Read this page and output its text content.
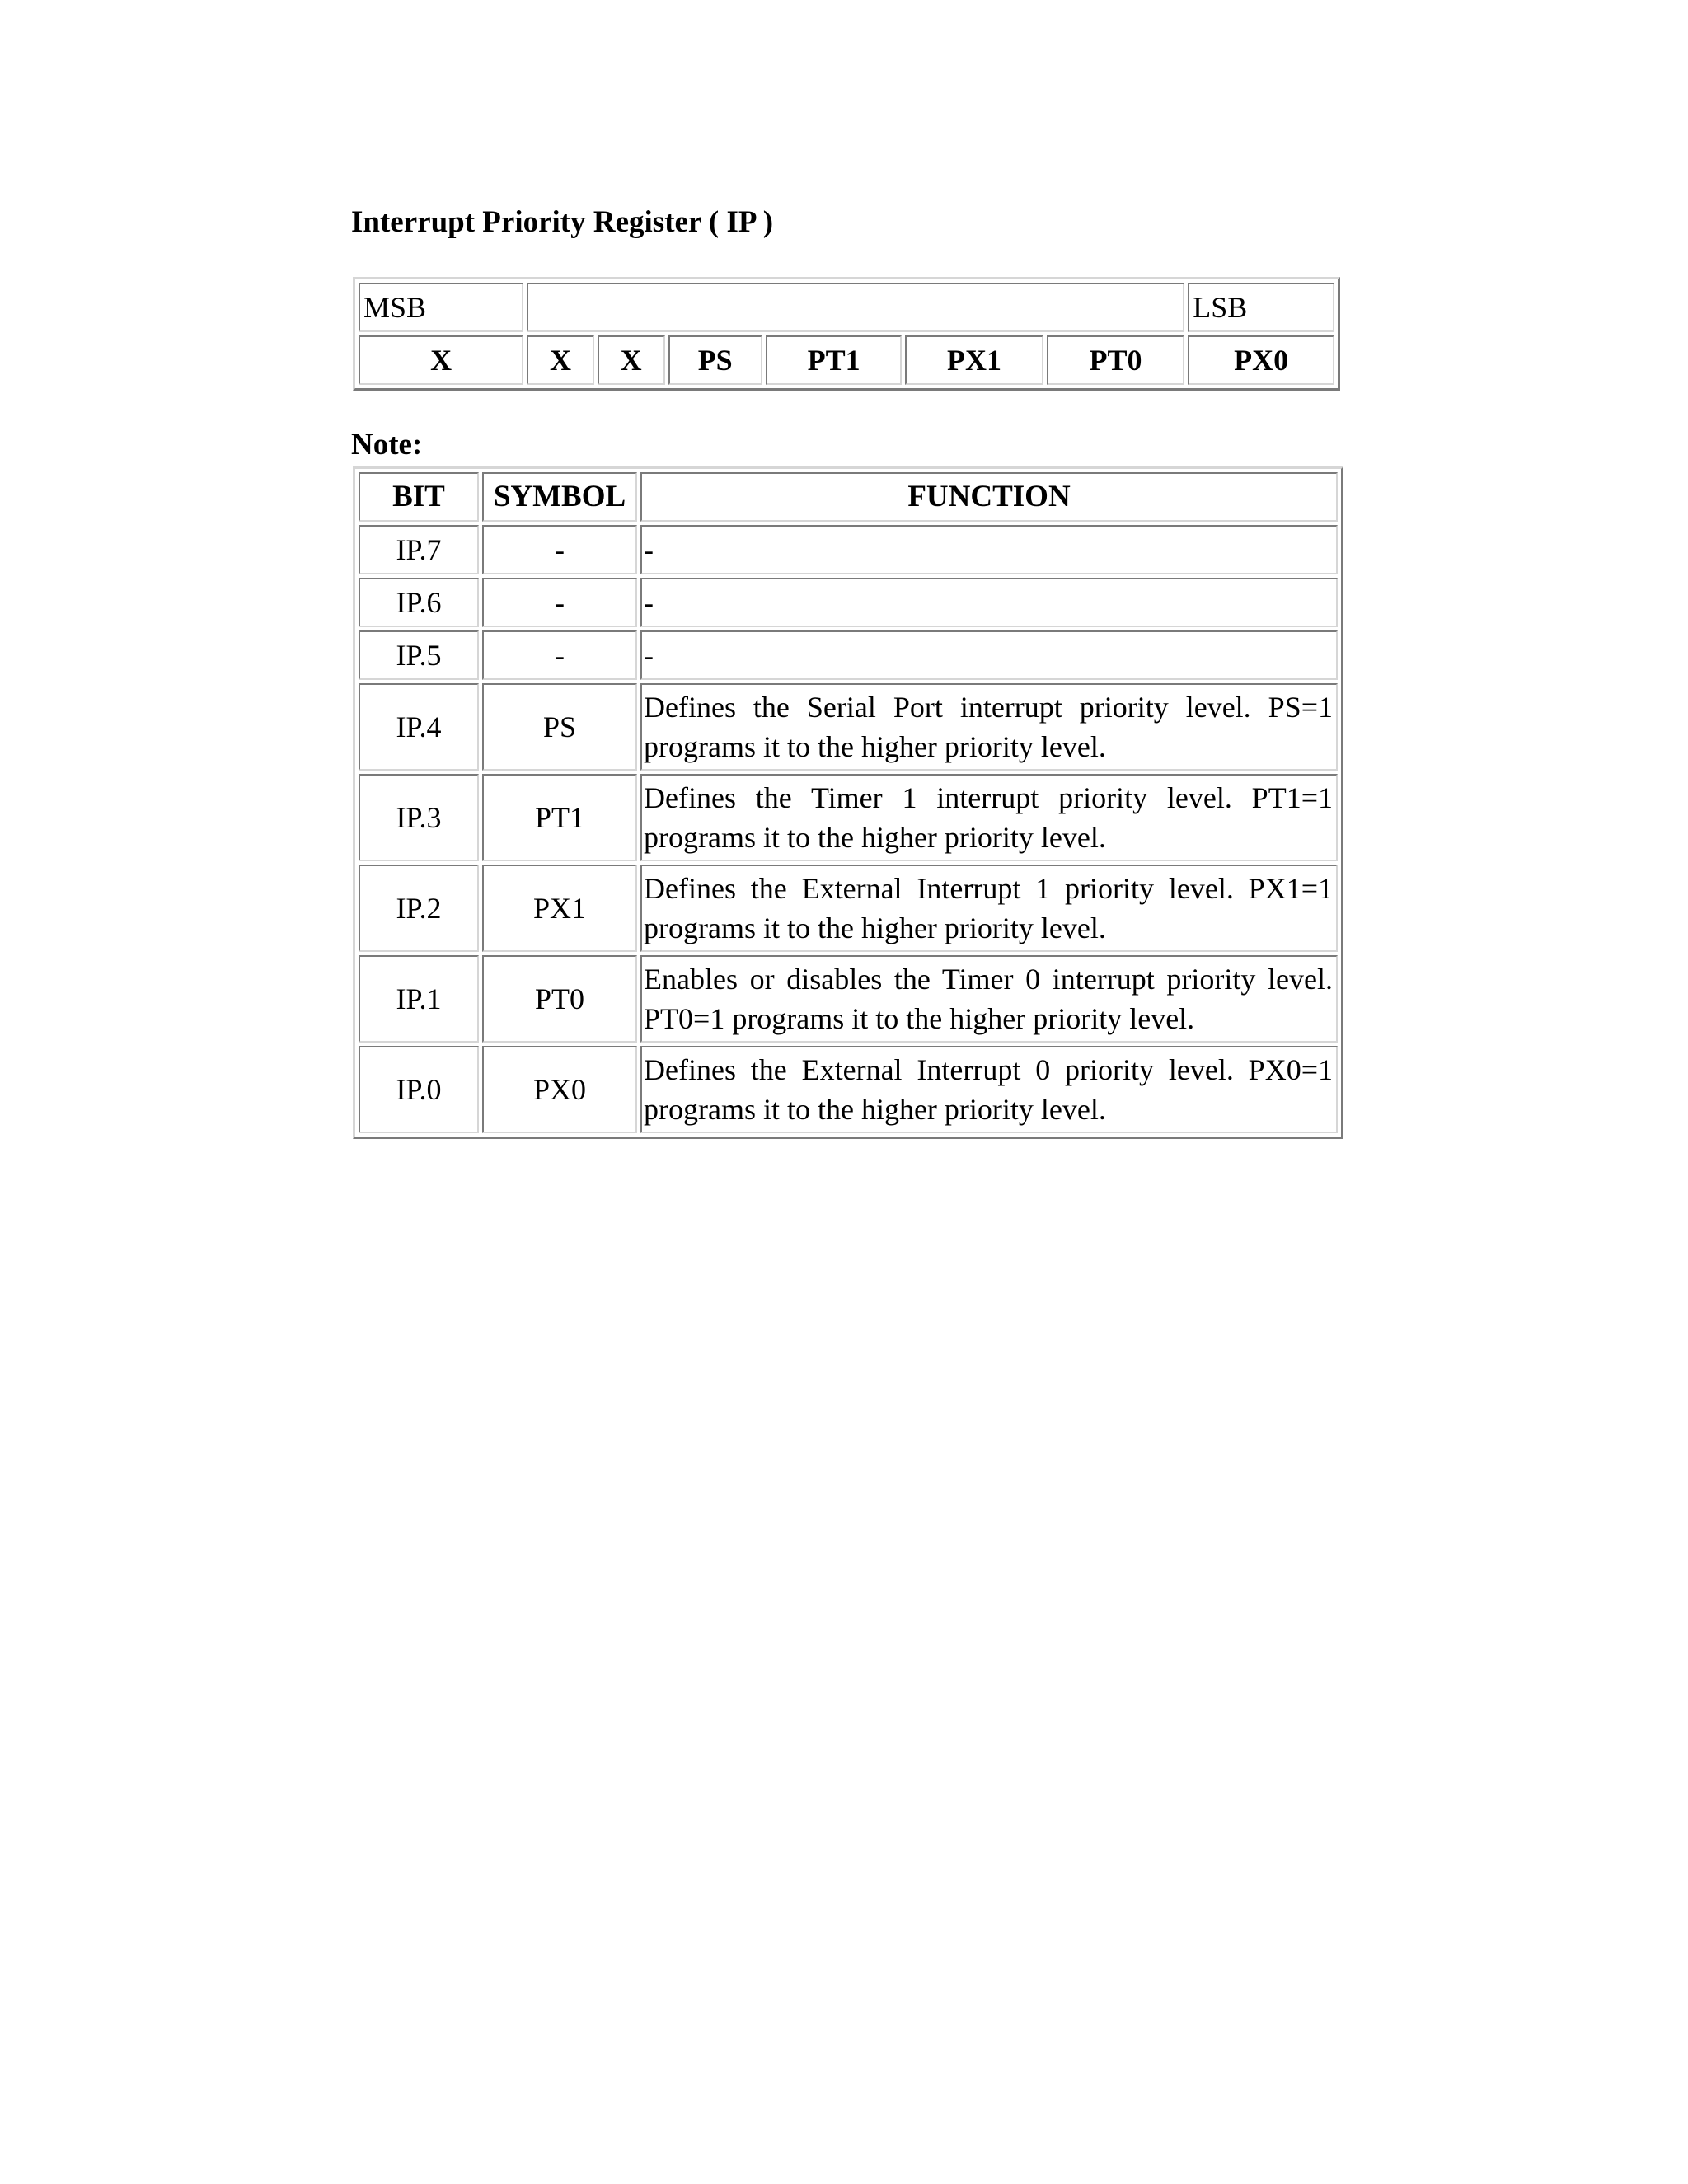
Interrupt Priority Register ( IP )
MSB							LSB
X	X	X	PS	PT1	PX1	PT0	PX0
Note:
BIT	SYMBOL	FUNCTION
IP.7	-	-
IP.6	-	-
IP.5	-	-
IP.4	PS	Defines the Serial Port interrupt priority level. PS=1 programs it to the higher priority level.
IP.3	PT1	Defines the Timer 1 interrupt priority level. PT1=1 programs it to the higher priority level.
IP.2	PX1	Defines the External Interrupt 1 priority level. PX1=1 programs it to the higher priority level.
IP.1	PT0	Enables or disables the Timer 0 interrupt priority level. PT0=1 programs it to the higher priority level.
IP.0	PX0	Defines the External Interrupt 0 priority level. PX0=1 programs it to the higher priority level.
